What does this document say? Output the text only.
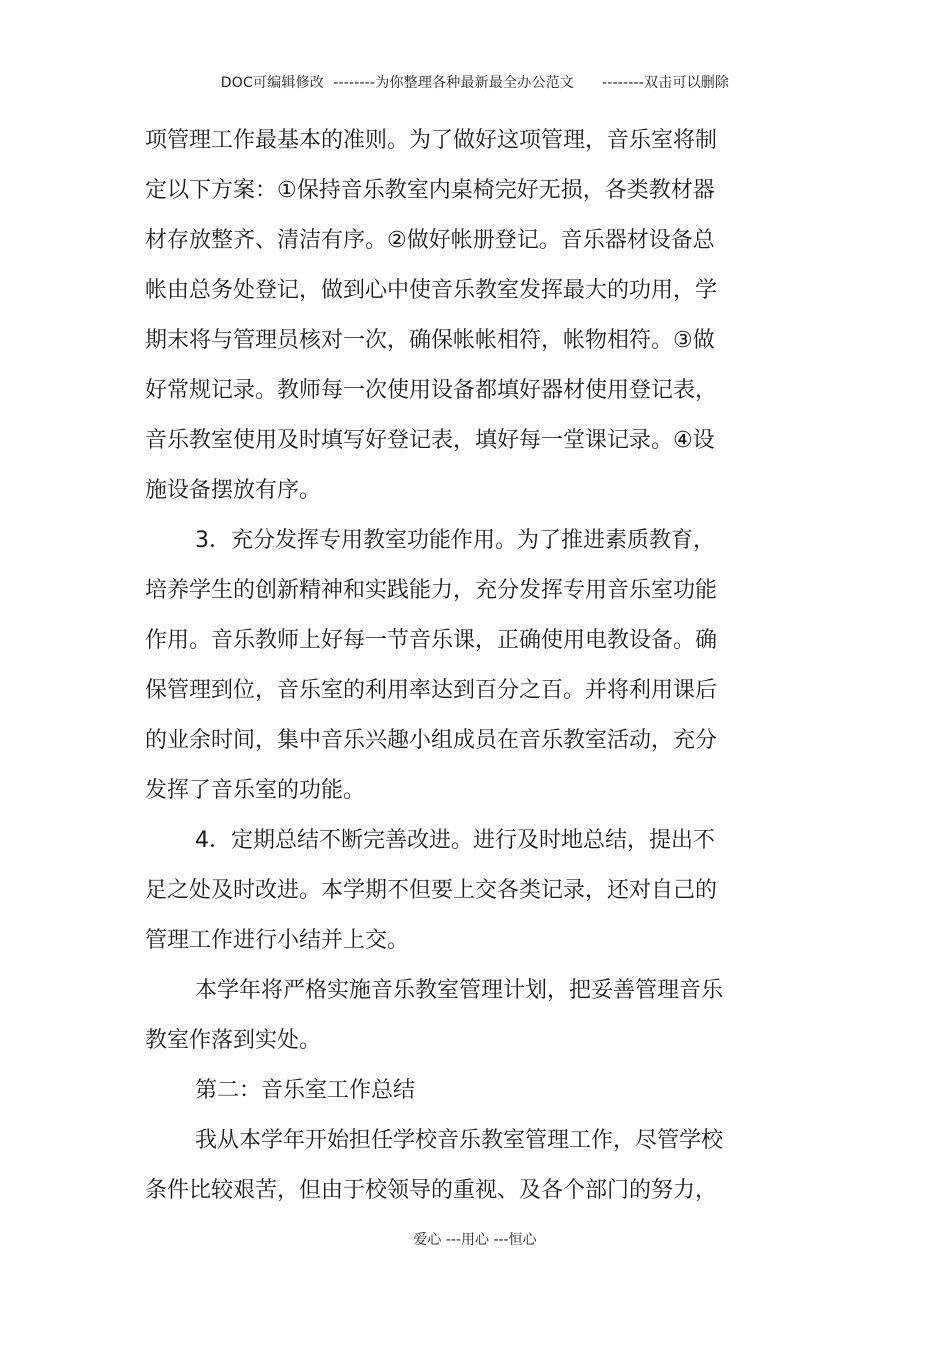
DOC可编辑修改  --------为你整理各种最新最全办公范文      --------双击可以删除
项管理工作最基本的准则。为了做好这项管理，音乐室将制
定以下方案：①保持音乐教室内桌椅完好无损，各类教材器
材存放整齐、清洁有序。②做好帐册登记。音乐器材设备总
帐由总务处登记，做到心中使音乐教室发挥最大的功用，学
期末将与管理员核对一次，确保帐帐相符，帐物相符。③做
好常规记录。教师每一次使用设备都填好器材使用登记表，
音乐教室使用及时填写好登记表，填好每一堂课记录。④设
施设备摆放有序。
3．充分发挥专用教室功能作用。为了推进素质教育，
培养学生的创新精神和实践能力，充分发挥专用音乐室功能
作用。音乐教师上好每一节音乐课，正确使用电教设备。确
保管理到位，音乐室的利用率达到百分之百。并将利用课后
的业余时间，集中音乐兴趣小组成员在音乐教室活动，充分
发挥了音乐室的功能。
4．定期总结不断完善改进。进行及时地总结，提出不
足之处及时改进。本学期不但要上交各类记录，还对自己的
管理工作进行小结并上交。
本学年将严格实施音乐教室管理计划，把妥善管理音乐
教室作落到实处。
第二：音乐室工作总结
我从本学年开始担任学校音乐教室管理工作，尽管学校
条件比较艰苦，但由于校领导的重视、及各个部门的努力，
爱心 ---用心 ---恒心
